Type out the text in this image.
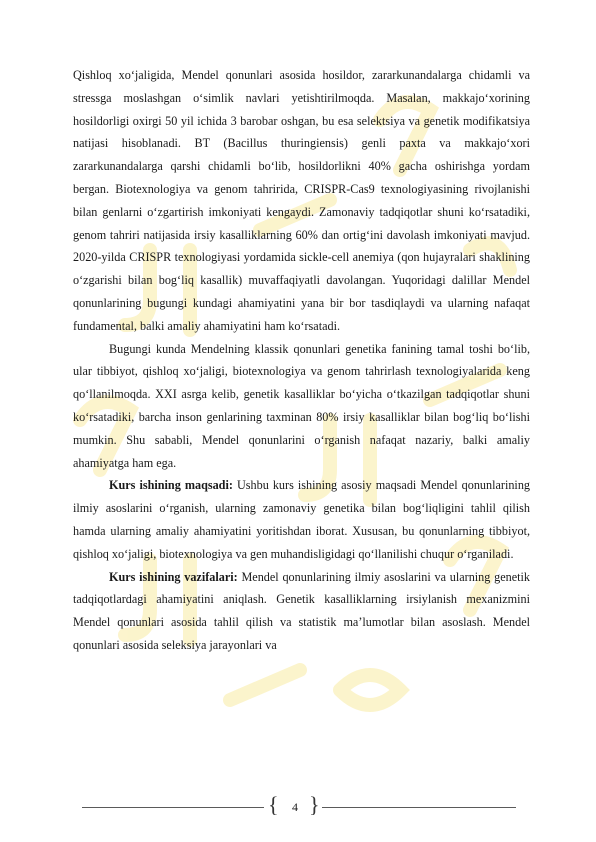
Qishloq xo‘jaligida, Mendel qonunlari asosida hosildor, zararkunandalarga chidamli va stressga moslashgan o‘simlik navlari yetishtirilmoqda. Masalan, makkajo‘xorining hosildorligi oxirgi 50 yil ichida 3 barobar oshgan, bu esa selektsiya va genetik modifikatsiya natijasi hisoblanadi. BT (Bacillus thuringiensis) genli paxta va makkajo‘xori zararkunandalarga qarshi chidamli bo‘lib, hosildorlikni 40% gacha oshirishga yordam bergan. Biotexnologiya va genom tahririda, CRISPR-Cas9 texnologiyasining rivojlanishi bilan genlarni o‘zgartirish imkoniyati kengaydi. Zamonaviy tadqiqotlar shuni ko‘rsatadiki, genom tahriri natijasida irsiy kasalliklarning 60% dan ortig‘ini davolash imkoniyati mavjud. 2020-yilda CRISPR texnologiyasi yordamida sickle-cell anemiya (qon hujayralari shaklining o‘zgarishi bilan bog‘liq kasallik) muvaffaqiyatli davolangan. Yuqoridagi dalillar Mendel qonunlarining bugungi kundagi ahamiyatini yana bir bor tasdiqlaydi va ularning nafaqat fundamental, balki amaliy ahamiyatini ham ko‘rsatadi.

Bugungi kunda Mendelning klassik qonunlari genetika fanining tamal toshi bo‘lib, ular tibbiyot, qishloq xo‘jaligi, biotexnologiya va genom tahrirlash texnologiyalarida keng qo‘llanilmoqda. XXI asrga kelib, genetik kasalliklar bo‘yicha o‘tkazilgan tadqiqotlar shuni ko‘rsatadiki, barcha inson genlarining taxminan 80% irsiy kasalliklar bilan bog‘liq bo‘lishi mumkin. Shu sababli, Mendel qonunlarini o‘rganish nafaqat nazariy, balki amaliy ahamiyatga ham ega.

Kurs ishining maqsadi: Ushbu kurs ishining asosiy maqsadi Mendel qonunlarining ilmiy asoslarini o‘rganish, ularning zamonaviy genetika bilan bog‘liqligini tahlil qilish hamda ularning amaliy ahamiyatini yoritishdan iborat. Xususan, bu qonunlarning tibbiyot, qishloq xo‘jaligi, biotexnologiya va gen muhandisligidagi qo‘llanilishi chuqur o‘rganiladi.

Kurs ishining vazifalari: Mendel qonunlarining ilmiy asoslarini va ularning genetik tadqiqotlardagi ahamiyatini aniqlash. Genetik kasalliklarning irsiylanish mexanizmini Mendel qonunlari asosida tahlil qilish va statistik ma’lumotlar bilan asoslash. Mendel qonunlari asosida seleksiya jarayonlari va

{	4 }
